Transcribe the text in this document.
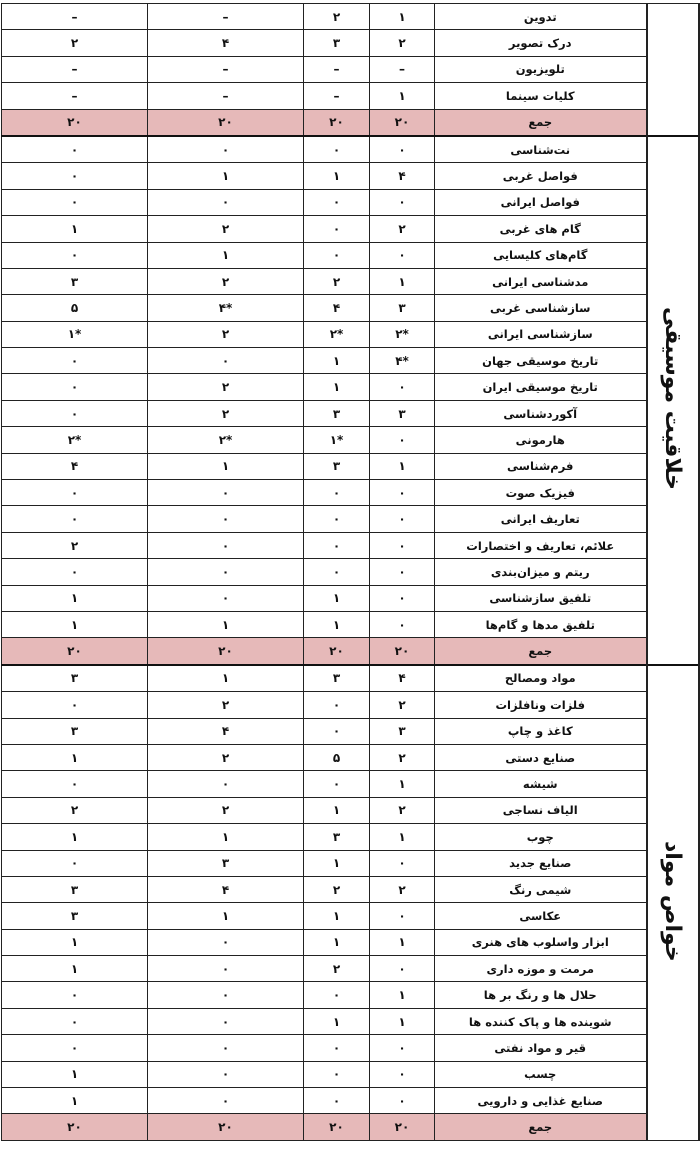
	تدوین	۱	۲	–	–
	درک تصویر	۲	۳	۴	۲
	تلویزیون	–	–	–	–
	کلیات سینما	۱	–	–	–
	جمع	۲۰	۲۰	۲۰	۲۰
خلاقیت موسیقی	نت‌شناسی	۰	۰	۰	۰
	فواصل غربی	۴	۱	۱	۰
	فواصل ایرانی	۰	۰	۰	۰
	گام های غربی	۲	۰	۲	۱
	گام‌های کلیسایی	۰	۰	۱	۰
	مدشناسی ایرانی	۱	۲	۲	۳
	سازشناسی غربی	۳	۴	*۴	۵
	سازشناسی ایرانی	*۲	*۲	۲	*۱
	تاریخ موسیقی جهان	*۴	۱	۰	۰
	تاریخ موسیقی ایران	۰	۱	۲	۰
	آکوردشناسی	۳	۳	۲	۰
	هارمونی	۰	*۱	*۲	*۲
	فرم‌شناسی	۱	۳	۱	۴
	فیزیک صوت	۰	۰	۰	۰
	تعاریف ایرانی	۰	۰	۰	۰
	علائم، تعاریف و اختصارات	۰	۰	۰	۲
	ریتم و میزان‌بندی	۰	۰	۰	۰
	تلفیق سازشناسی	۰	۱	۰	۱
	تلفیق مدها و گام‌ها	۰	۱	۱	۱
	جمع	۲۰	۲۰	۲۰	۲۰
خواص مواد	مواد ومصالح	۴	۳	۱	۳
	فلزات ونافلزات	۲	۰	۲	۰
	کاغذ و چاپ	۳	۰	۴	۳
	صنایع دستی	۲	۵	۲	۱
	شیشه	۱	۰	۰	۰
	الیاف نساجی	۲	۱	۲	۲
	چوب	۱	۳	۱	۱
	صنایع جدید	۰	۱	۳	۰
	شیمی رنگ	۲	۲	۴	۳
	عکاسی	۰	۱	۱	۳
	ابزار واسلوب های هنری	۱	۱	۰	۱
	مرمت و موزه داری	۰	۲	۰	۱
	حلال ها و رنگ بر ها	۱	۰	۰	۰
	شوینده ها و پاک کننده ها	۱	۱	۰	۰
	قیر و مواد نفتی	۰	۰	۰	۰
	چسب	۰	۰	۰	۱
	صنایع غذایی و دارویی	۰	۰	۰	۱
	جمع	۲۰	۲۰	۲۰	۲۰
